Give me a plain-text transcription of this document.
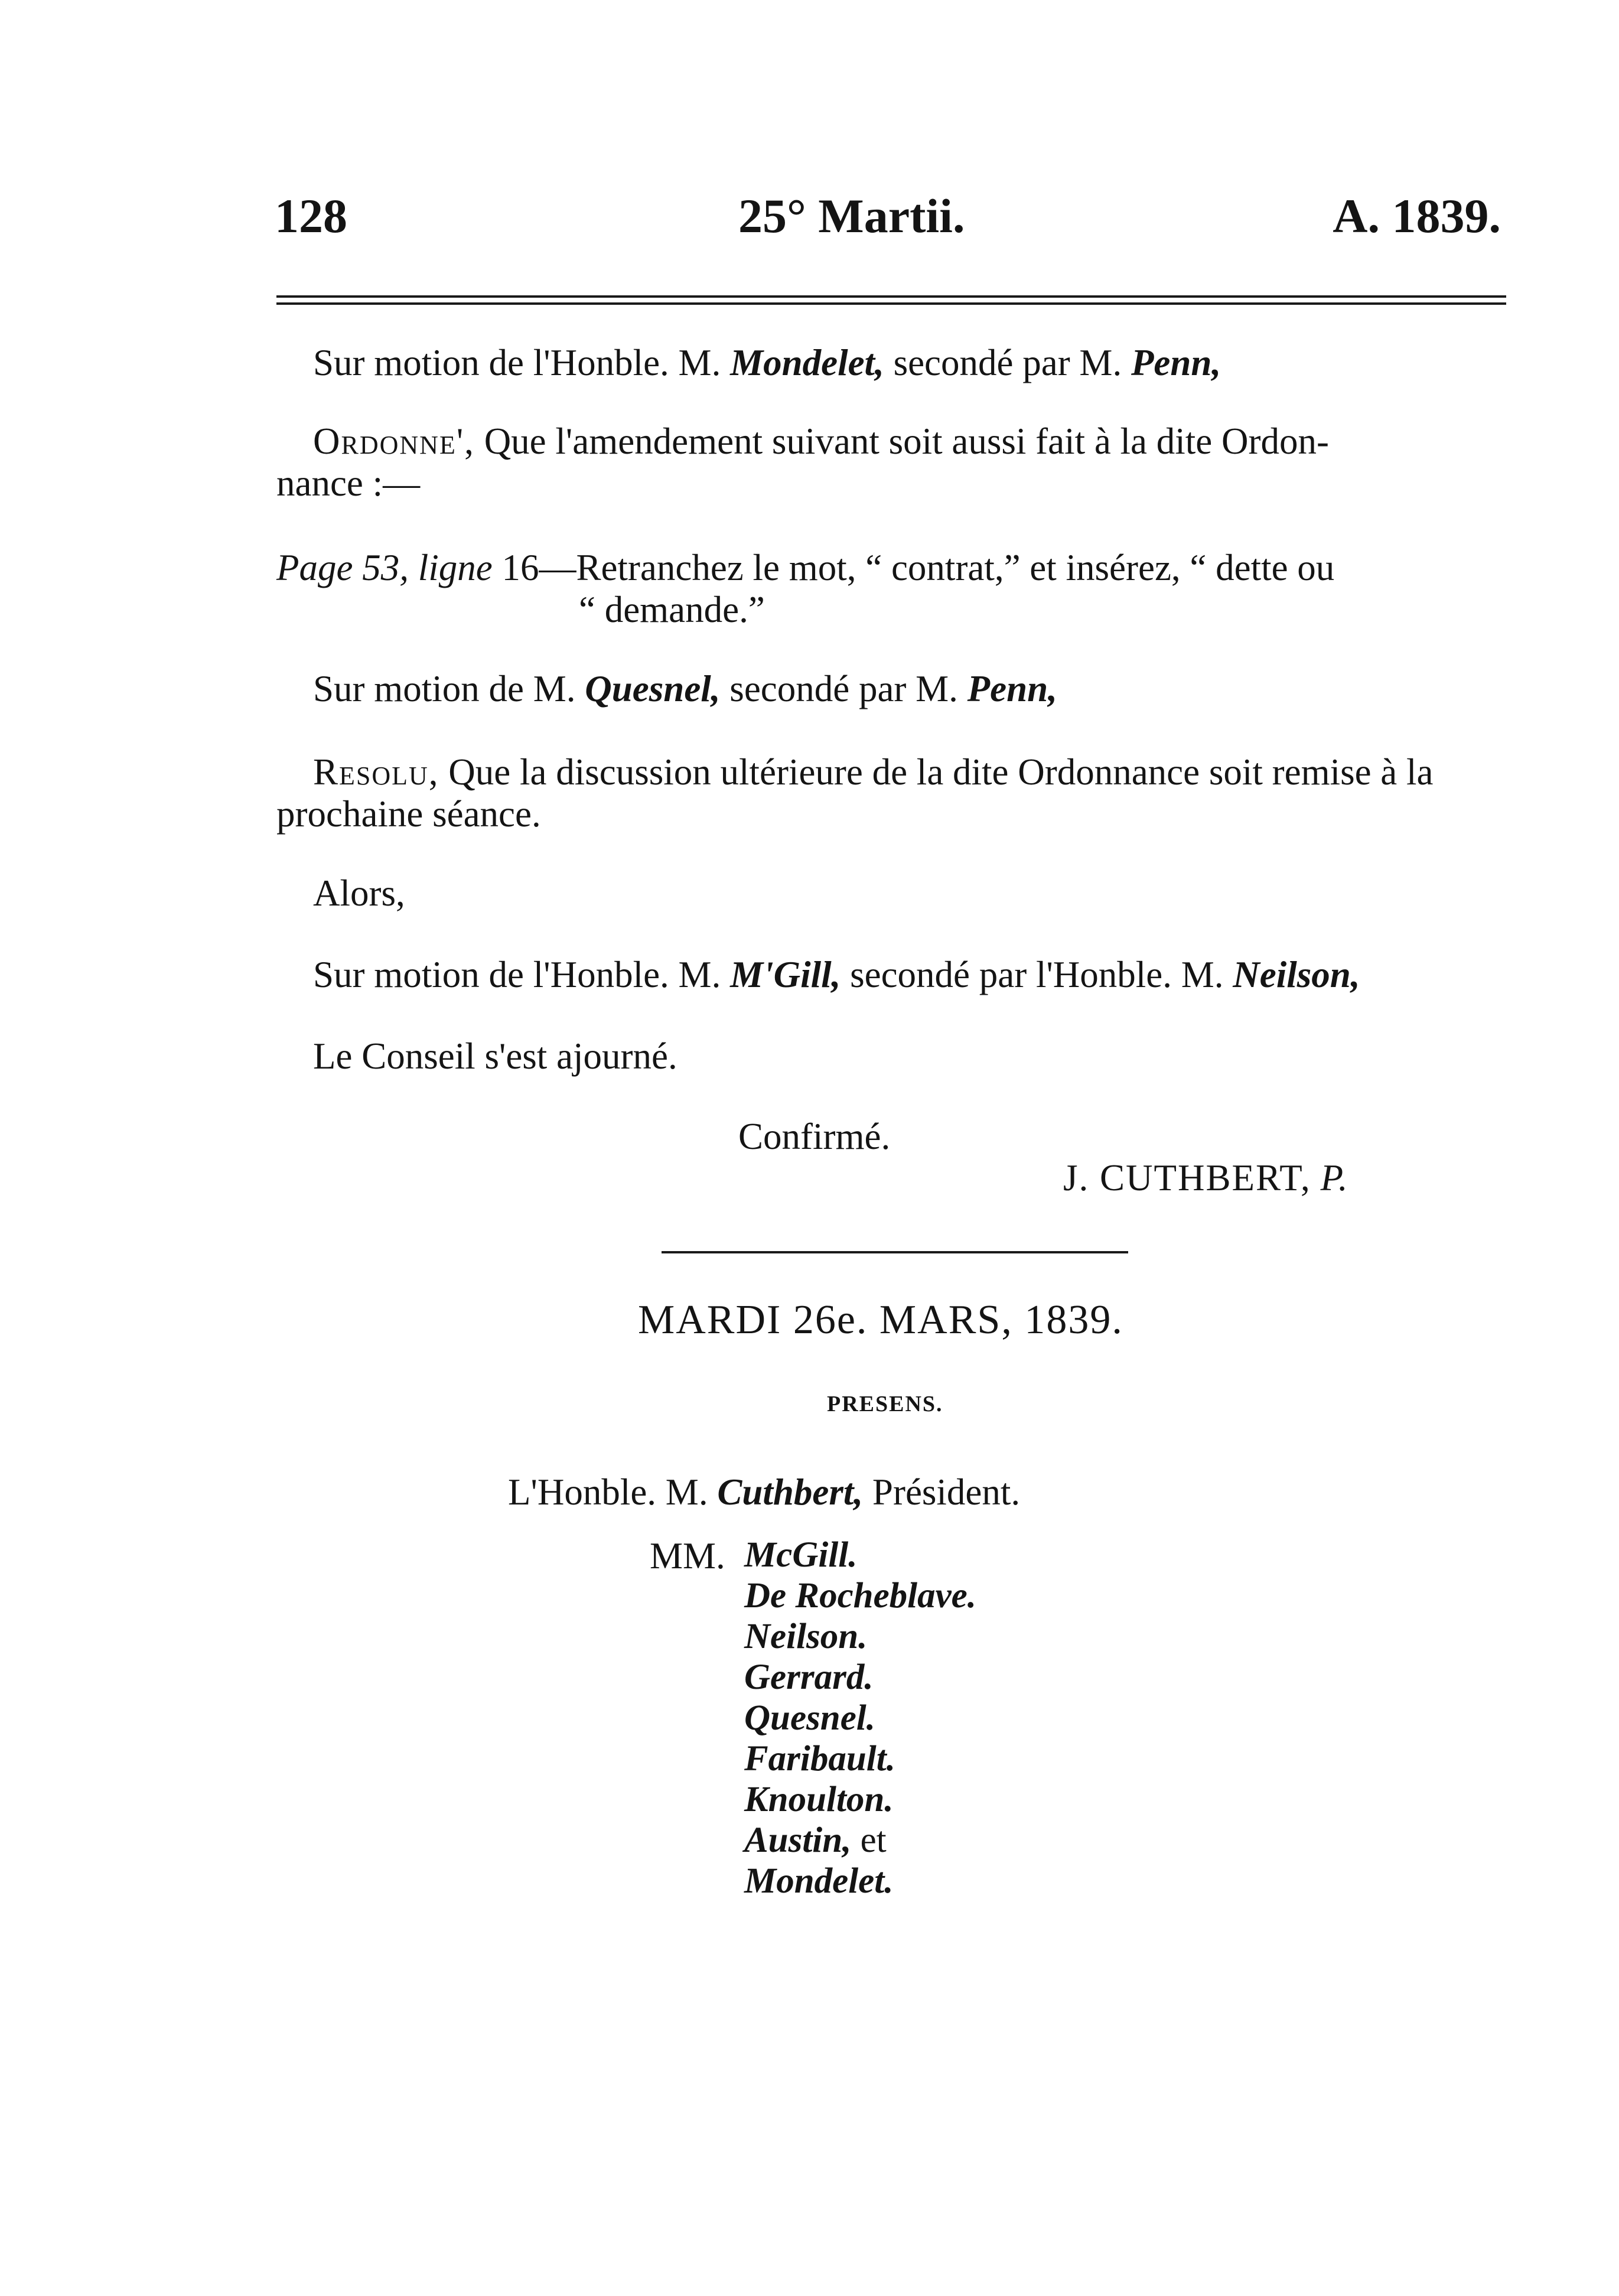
128	25° Martii.	A. 1839.
Sur motion de l'Honble. M. Mondelet, secondé par M. Penn,
Ordonne', Que l'amendement suivant soit aussi fait à la dite Ordon-
nance :—
Page 53, ligne 16—Retranchez le mot, “ contrat,” et insérez, “ dette ou
“ demande.”
Sur motion de M. Quesnel, secondé par M. Penn,
Resolu, Que la discussion ultérieure de la dite Ordonnance soit remise à la
prochaine séance.
Alors,
Sur motion de l'Honble. M. M'Gill, secondé par l'Honble. M. Neilson,
Le Conseil s'est ajourné.
Confirmé.
J. CUTHBERT, P.
MARDI 26e. MARS, 1839.
PRESENS.
L'Honble. M. Cuthbert, Président.
MM. McGill.
De Rocheblave.
Neilson.
Gerrard.
Quesnel.
Faribault.
Knoulton.
Austin, et
Mondelet.
